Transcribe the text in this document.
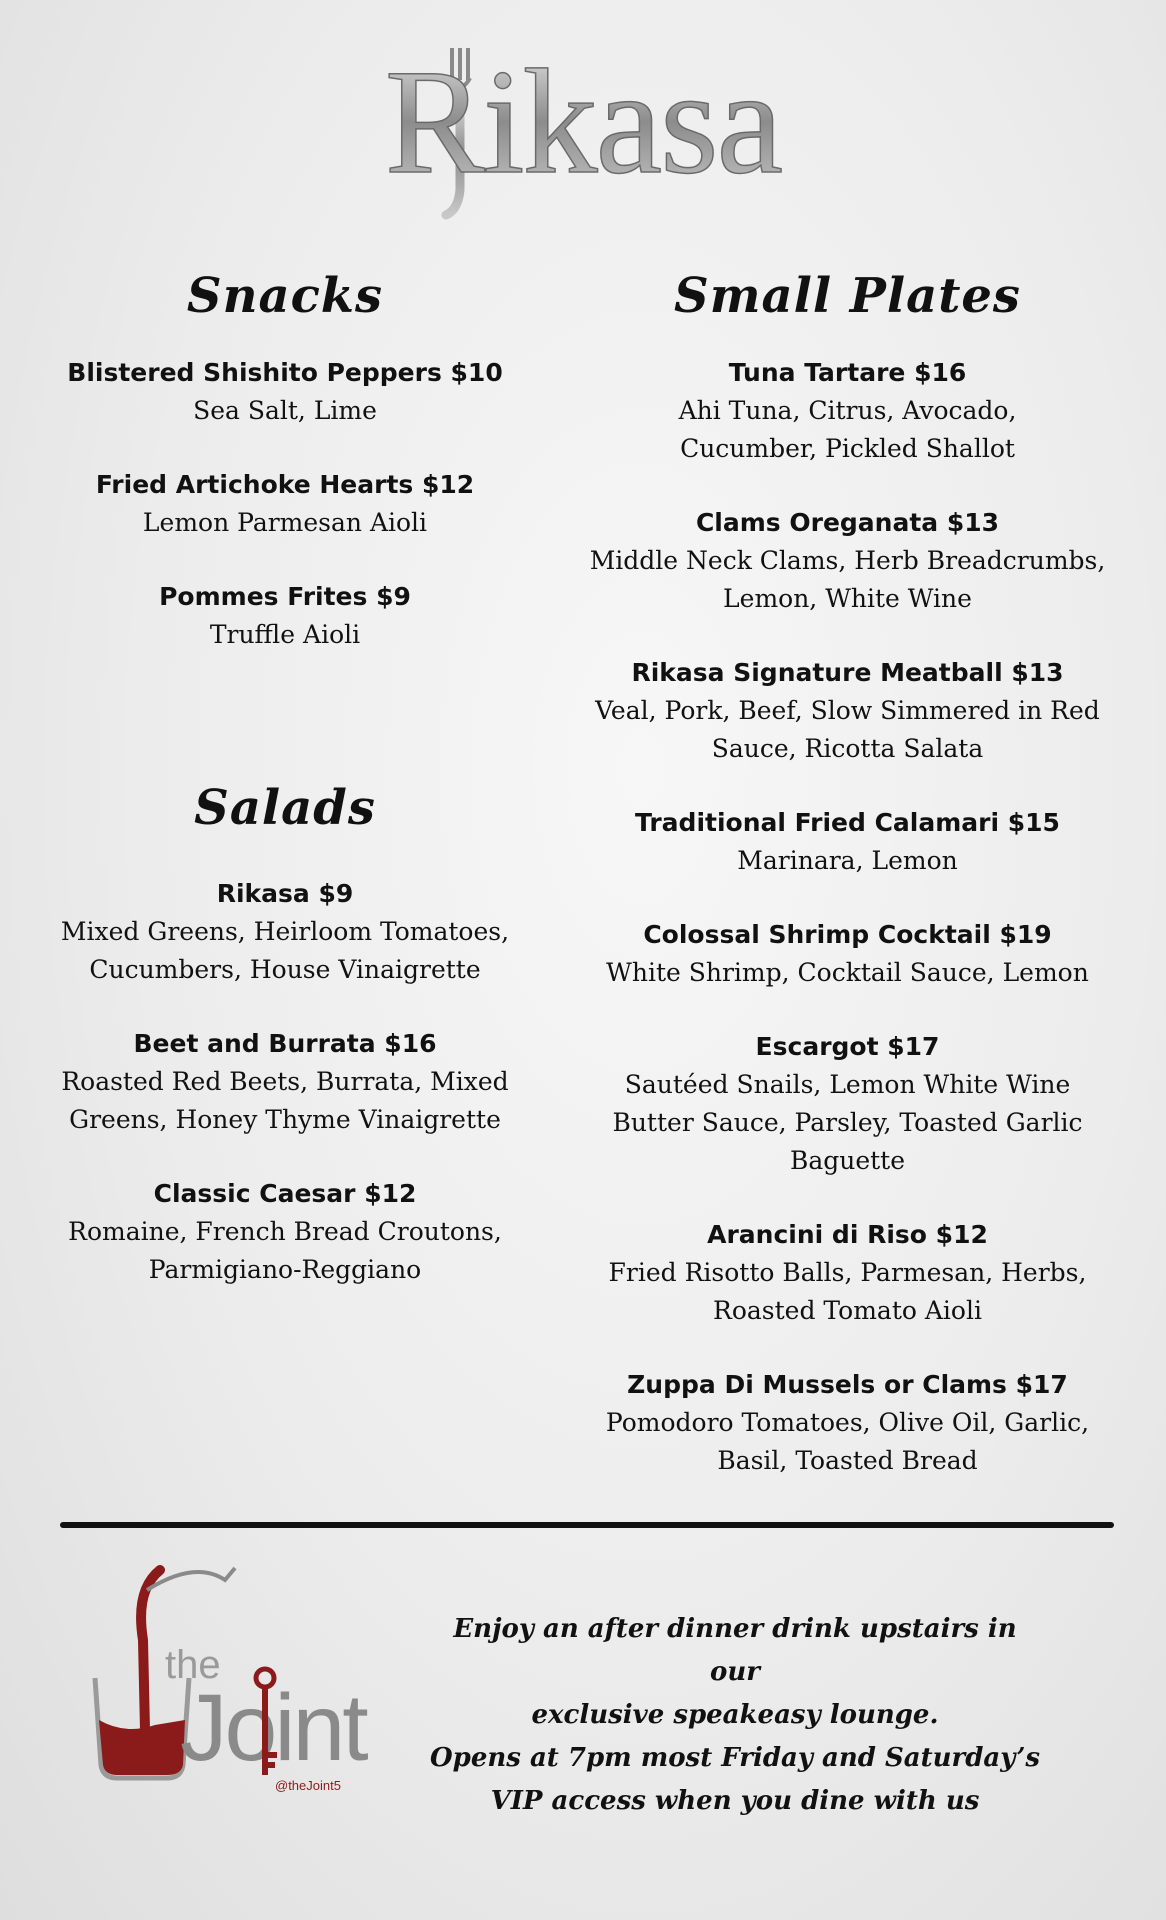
Rikasa
Snacks
Blistered Shishito Peppers $10
Sea Salt, Lime
Fried Artichoke Hearts $12
Lemon Parmesan Aioli
Pommes Frites $9
Truffle Aioli
Salads
Rikasa $9
Mixed Greens, Heirloom Tomatoes,
Cucumbers, House Vinaigrette
Beet and Burrata $16
Roasted Red Beets, Burrata, Mixed
Greens, Honey Thyme Vinaigrette
Classic Caesar $12
Romaine, French Bread Croutons,
Parmigiano-Reggiano
Small Plates
Tuna Tartare $16
Ahi Tuna, Citrus, Avocado,
Cucumber, Pickled Shallot
Clams Oreganata $13
Middle Neck Clams, Herb Breadcrumbs,
Lemon, White Wine
Rikasa Signature Meatball $13
Veal, Pork, Beef, Slow Simmered in Red
Sauce, Ricotta Salata
Traditional Fried Calamari $15
Marinara, Lemon
Colossal Shrimp Cocktail $19
White Shrimp, Cocktail Sauce, Lemon
Escargot $17
Sautéed Snails, Lemon White Wine
Butter Sauce, Parsley, Toasted Garlic
Baguette
Arancini di Riso $12
Fried Risotto Balls, Parmesan, Herbs,
Roasted Tomato Aioli
Zuppa Di Mussels or Clams $17
Pomodoro Tomatoes, Olive Oil, Garlic,
Basil, Toasted Bread
the
Joint
@theJoint5
Enjoy an after dinner drink upstairs in our
exclusive speakeasy lounge.
Opens at 7pm most Friday and Saturday’s
VIP access when you dine with us
